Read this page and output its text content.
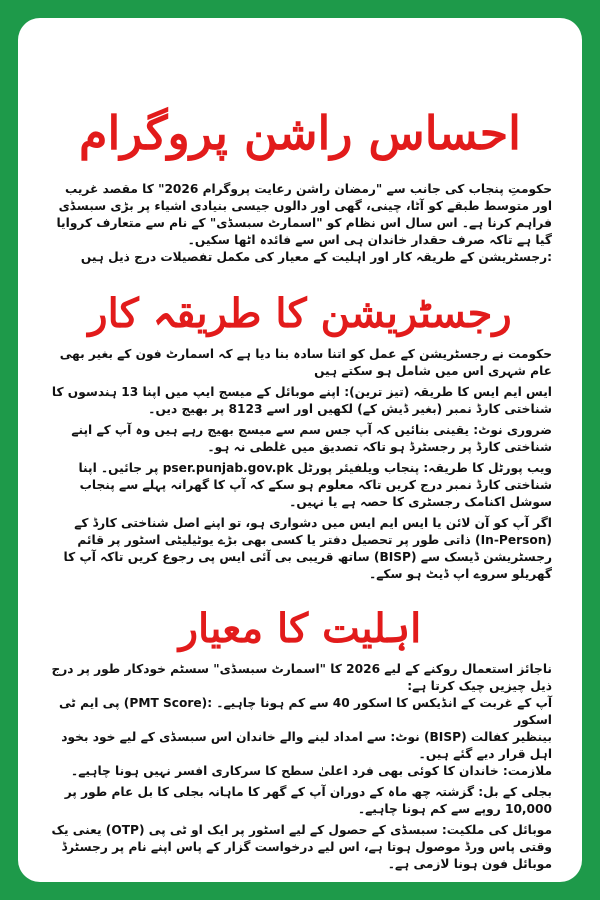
احساس راشن پروگرام

حکومتِ پنجاب کی جانب سے "رمضان راشن رعایت پروگرام 2026" کا مقصد غریب اور متوسط طبقے کو آٹا، چینی، گھی اور دالوں جیسی بنیادی اشیاء پر بڑی سبسڈی فراہم کرنا ہے۔ اس سال اس نظام کو "اسمارٹ سبسڈی" کے نام سے متعارف کروایا گیا ہے تاکہ صرف حقدار خاندان ہی اس سے فائدہ اٹھا سکیں۔

:رجسٹریشن کے طریقہ کار اور اہلیت کے معیار کی مکمل تفصیلات درج ذیل ہیں

رجسٹریشن کا طریقہ کار

حکومت نے رجسٹریشن کے عمل کو اتنا سادہ بنا دیا ہے کہ اسمارٹ فون کے بغیر بھی عام شہری اس میں شامل ہو سکتے ہیں

ایس ایم ایس کا طریقہ (تیز ترین): اپنے موبائل کے میسج ایپ میں اپنا 13 ہندسوں کا شناختی کارڈ نمبر (بغیر ڈیش کے) لکھیں اور اسے 8123 پر بھیج دیں۔

ضروری نوٹ: یقینی بنائیں کہ آپ جس سم سے میسج بھیج رہے ہیں وہ آپ کے اپنے شناختی کارڈ پر رجسٹرڈ ہو تاکہ تصدیق میں غلطی نہ ہو۔

ویب پورٹل کا طریقہ: پنجاب ویلفیئر پورٹل pser.punjab.gov.pk پر جائیں۔ اپنا شناختی کارڈ نمبر درج کریں تاکہ معلوم ہو سکے کہ آپ کا گھرانہ پہلے سے پنجاب سوشل اکنامک رجسٹری کا حصہ ہے یا نہیں۔

اگر آپ کو آن لائن یا ایس ایم ایس میں دشواری ہو، تو اپنے اصل شناختی کارڈ کے (In-Person) ذاتی طور پر تحصیل دفتر یا کسی بھی بڑے یوٹیلیٹی اسٹور پر قائم رجسٹریشن ڈیسک سے (BISP) ساتھ قریبی بی آئی ایس پی رجوع کریں تاکہ آپ کا گھریلو سروے اپ ڈیٹ ہو سکے۔

اہلیت کا معیار

ناجائز استعمال روکنے کے لیے 2026 کا "اسمارٹ سبسڈی" سسٹم خودکار طور پر درج ذیل چیزیں چیک کرتا ہے:

آپ کے غربت کے انڈیکس کا اسکور 40 سے کم ہونا چاہیے۔ :(PMT Score) پی ایم ٹی اسکور

بینظیر کفالت (BISP) نوٹ: سے امداد لینے والے خاندان اس سبسڈی کے لیے خود بخود اہل قرار دیے گئے ہیں۔

ملازمت: خاندان کا کوئی بھی فرد اعلیٰ سطح کا سرکاری افسر نہیں ہونا چاہیے۔

بجلی کے بل: گزشتہ چھ ماہ کے دوران آپ کے گھر کا ماہانہ بجلی کا بل عام طور پر 10,000 روپے سے کم ہونا چاہیے۔

موبائل کی ملکیت: سبسڈی کے حصول کے لیے اسٹور پر ایک او ٹی پی (OTP) یعنی یک وقتی پاس ورڈ موصول ہوتا ہے، اس لیے درخواست گزار کے پاس اپنے نام پر رجسٹرڈ موبائل فون ہونا لازمی ہے۔
